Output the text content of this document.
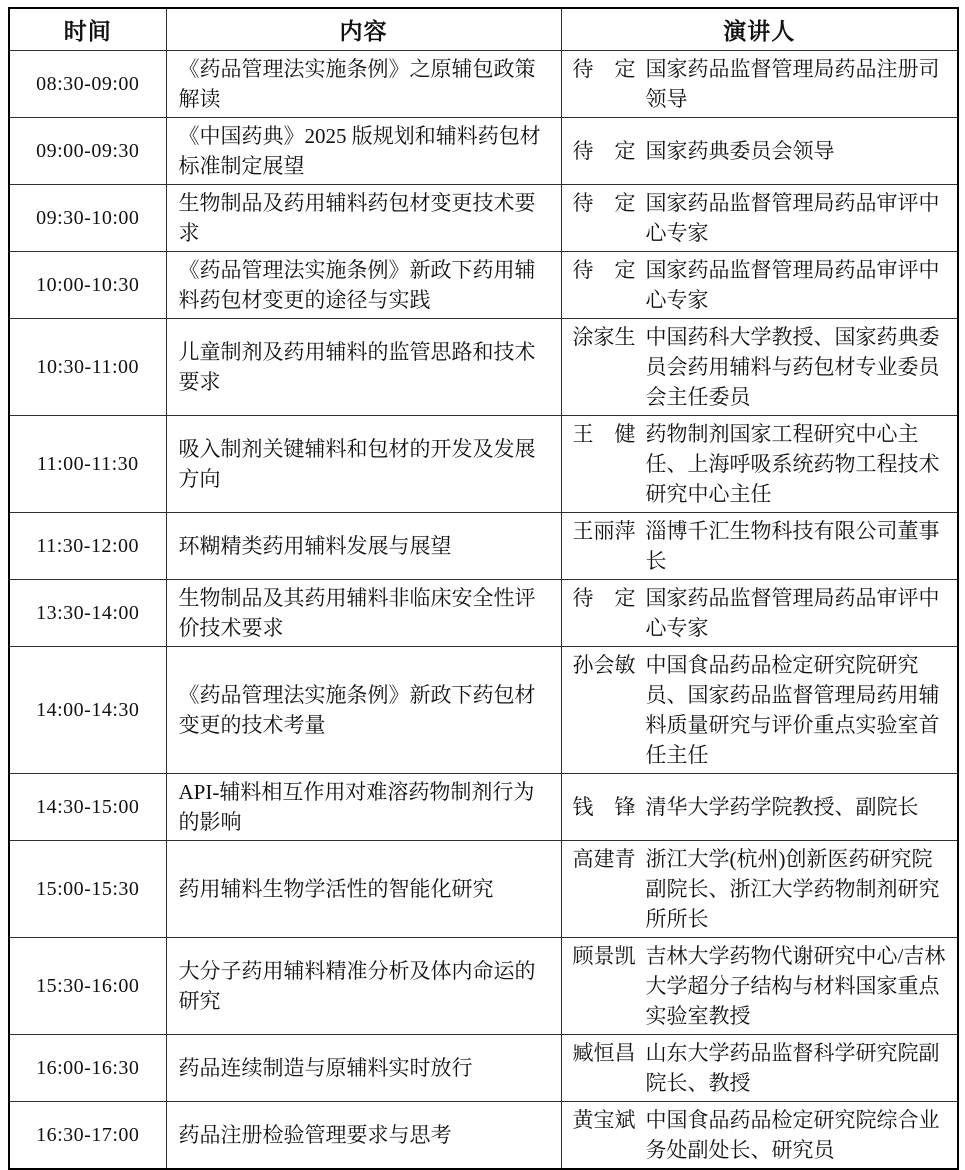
时间	内容	演讲人
08:30-09:00	《药品管理法实施条例》之原辅包政策解读	待　定 国家药品监督管理局药品注册司领导

09:00-09:30	《中国药典》2025 版规划和辅料药包材标准制定展望	待　定 国家药典委员会领导

09:30-10:00	生物制品及药用辅料药包材变更技术要求	待　定 国家药品监督管理局药品审评中心专家

10:00-10:30	《药品管理法实施条例》新政下药用辅料药包材变更的途径与实践	待　定 国家药品监督管理局药品审评中心专家

10:30-11:00	儿童制剂及药用辅料的监管思路和技术要求	涂家生 中国药科大学教授、国家药典委员会药用辅料与药包材专业委员会主任委员

11:00-11:30	吸入制剂关键辅料和包材的开发及发展方向	王　健 药物制剂国家工程研究中心主任、上海呼吸系统药物工程技术研究中心主任

11:30-12:00	环糊精类药用辅料发展与展望	王丽萍 淄博千汇生物科技有限公司董事长

13:30-14:00	生物制品及其药用辅料非临床安全性评价技术要求	待　定 国家药品监督管理局药品审评中心专家

14:00-14:30	《药品管理法实施条例》新政下药包材变更的技术考量	孙会敏 中国食品药品检定研究院研究员、国家药品监督管理局药用辅料质量研究与评价重点实验室首任主任

14:30-15:00	API-辅料相互作用对难溶药物制剂行为的影响	钱　锋 清华大学药学院教授、副院长

15:00-15:30	药用辅料生物学活性的智能化研究	高建青 浙江大学(杭州)创新医药研究院副院长、浙江大学药物制剂研究所所长

15:30-16:00	大分子药用辅料精准分析及体内命运的研究	顾景凯 吉林大学药物代谢研究中心/吉林大学超分子结构与材料国家重点实验室教授

16:00-16:30	药品连续制造与原辅料实时放行	臧恒昌 山东大学药品监督科学研究院副院长、教授

16:30-17:00	药品注册检验管理要求与思考	黄宝斌 中国食品药品检定研究院综合业务处副处长、研究员
